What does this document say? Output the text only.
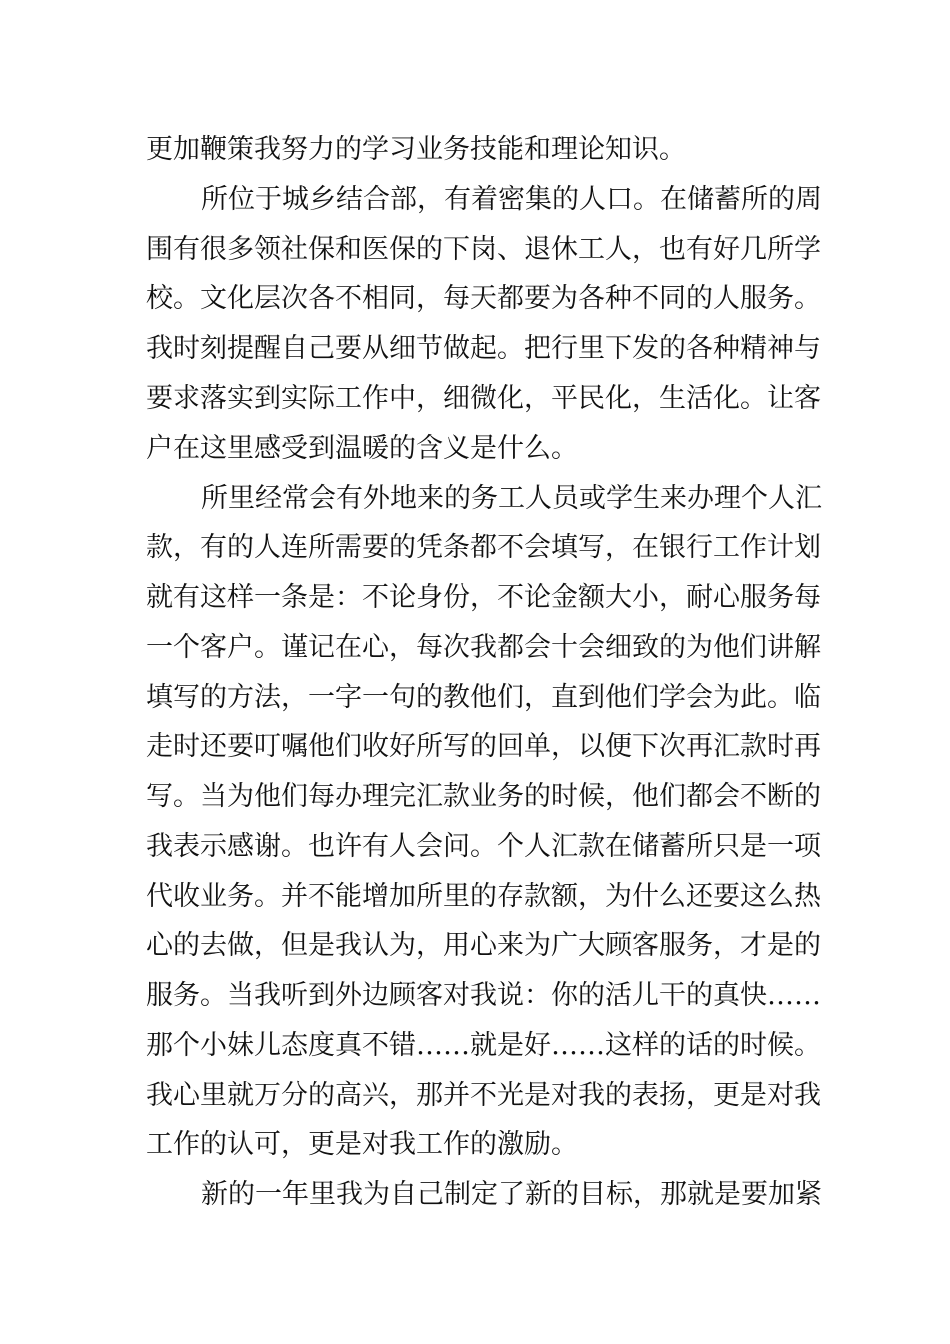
更加鞭策我努力的学习业务技能和理论知识。
所位于城乡结合部，有着密集的人口。在储蓄所的周
围有很多领社保和医保的下岗、退休工人，也有好几所学
校。文化层次各不相同，每天都要为各种不同的人服务。
我时刻提醒自己要从细节做起。把行里下发的各种精神与
要求落实到实际工作中，细微化，平民化，生活化。让客
户在这里感受到温暖的含义是什么。
所里经常会有外地来的务工人员或学生来办理个人汇
款，有的人连所需要的凭条都不会填写，在银行工作计划
就有这样一条是：不论身份，不论金额大小，耐心服务每
一个客户。谨记在心，每次我都会十会细致的为他们讲解
填写的方法，一字一句的教他们，直到他们学会为此。临
走时还要叮嘱他们收好所写的回单，以便下次再汇款时再
写。当为他们每办理完汇款业务的时候，他们都会不断的
我表示感谢。也许有人会问。个人汇款在储蓄所只是一项
代收业务。并不能增加所里的存款额，为什么还要这么热
心的去做，但是我认为，用心来为广大顾客服务，才是的
服务。当我听到外边顾客对我说：你的活儿干的真快……
那个小妹儿态度真不错……就是好……这样的话的时候。
我心里就万分的高兴，那并不光是对我的表扬，更是对我
工作的认可，更是对我工作的激励。
新的一年里我为自己制定了新的目标，那就是要加紧
